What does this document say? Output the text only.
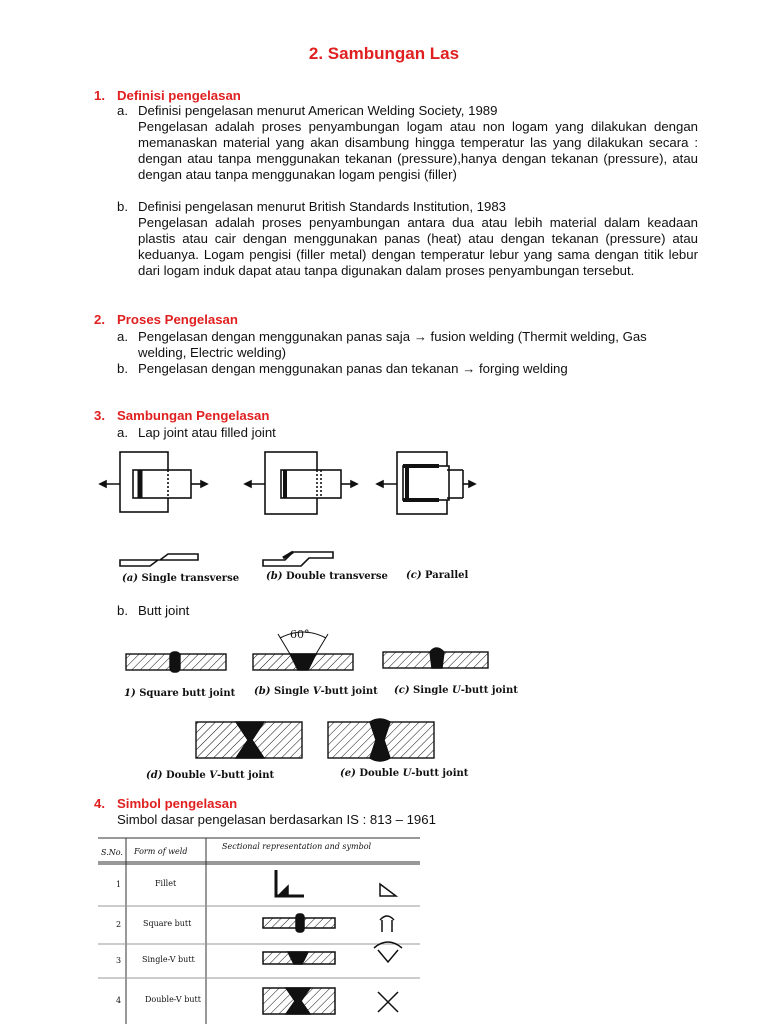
2. Sambungan Las
1. Definisi pengelasan
a. Definisi pengelasan menurut American Welding Society, 1989
Pengelasan adalah proses penyambungan logam atau non logam yang dilakukan dengan memanaskan material yang akan disambung hingga temperatur las yang dilakukan secara : dengan atau tanpa menggunakan tekanan (pressure),hanya dengan tekanan (pressure), atau dengan atau tanpa menggunakan logam pengisi (filler)
b. Definisi pengelasan menurut British Standards Institution, 1983
Pengelasan adalah proses penyambungan antara dua atau lebih material dalam keadaan plastis atau cair dengan menggunakan panas (heat) atau dengan tekanan (pressure) atau keduanya. Logam pengisi (filler metal) dengan temperatur lebur yang sama dengan titik lebur dari logam induk dapat atau tanpa digunakan dalam proses penyambungan tersebut.
2. Proses Pengelasan
a. Pengelasan dengan menggunakan panas saja → fusion welding (Thermit welding, Gas welding, Electric welding)
b. Pengelasan dengan menggunakan panas dan tekanan → forging welding
3. Sambungan Pengelasan
a. Lap joint atau filled joint
(a) Single transverse	(b) Double transverse (c) Parallel
b. Butt joint
60°
1) Square butt joint (b) Single V-butt joint (c) Single U-butt joint
(d) Double V-butt joint	(e) Double U-butt joint
4. Simbol pengelasan
Simbol dasar pengelasan berdasarkan IS : 813 – 1961
S.No. Form of weld
Sectional representation and symbol
1	Fillet
2	Square butt
3	Single-V butt
4	Double-V butt
